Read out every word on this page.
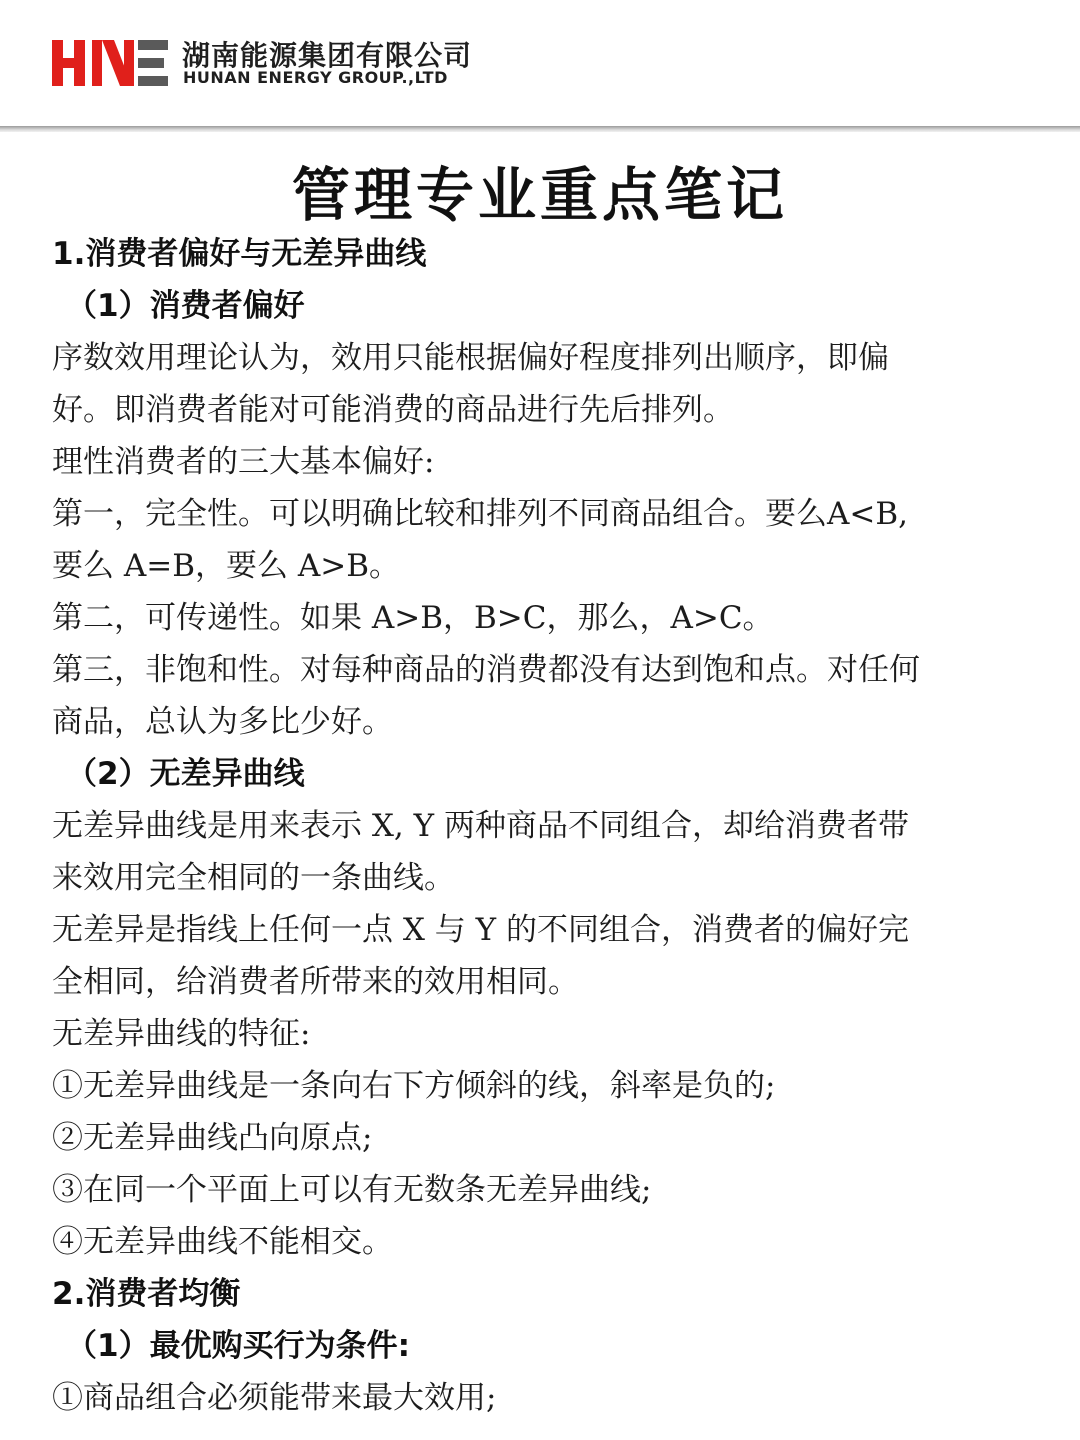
湖南能源集团有限公司
HUNAN ENERGY GROUP.,LTD
管理专业重点笔记
1.消费者偏好与无差异曲线
（1）消费者偏好
序数效用理论认为，效用只能根据偏好程度排列出顺序，即偏
好。即消费者能对可能消费的商品进行先后排列。
理性消费者的三大基本偏好:
第一，完全性。可以明确比较和排列不同商品组合。要么A<B,
要么 A=B，要么 A>B。
第二，可传递性。如果 A>B，B>C，那么，A>C。
第三，非饱和性。对每种商品的消费都没有达到饱和点。对任何
商品，总认为多比少好。
（2）无差异曲线
无差异曲线是用来表示 X, Y 两种商品不同组合，却给消费者带
来效用完全相同的一条曲线。
无差异是指线上任何一点 X 与 Y 的不同组合，消费者的偏好完
全相同，给消费者所带来的效用相同。
无差异曲线的特征:
①无差异曲线是一条向右下方倾斜的线，斜率是负的;
②无差异曲线凸向原点;
③在同一个平面上可以有无数条无差异曲线;
④无差异曲线不能相交。
2.消费者均衡
（1）最优购买行为条件:
①商品组合必须能带来最大效用;
